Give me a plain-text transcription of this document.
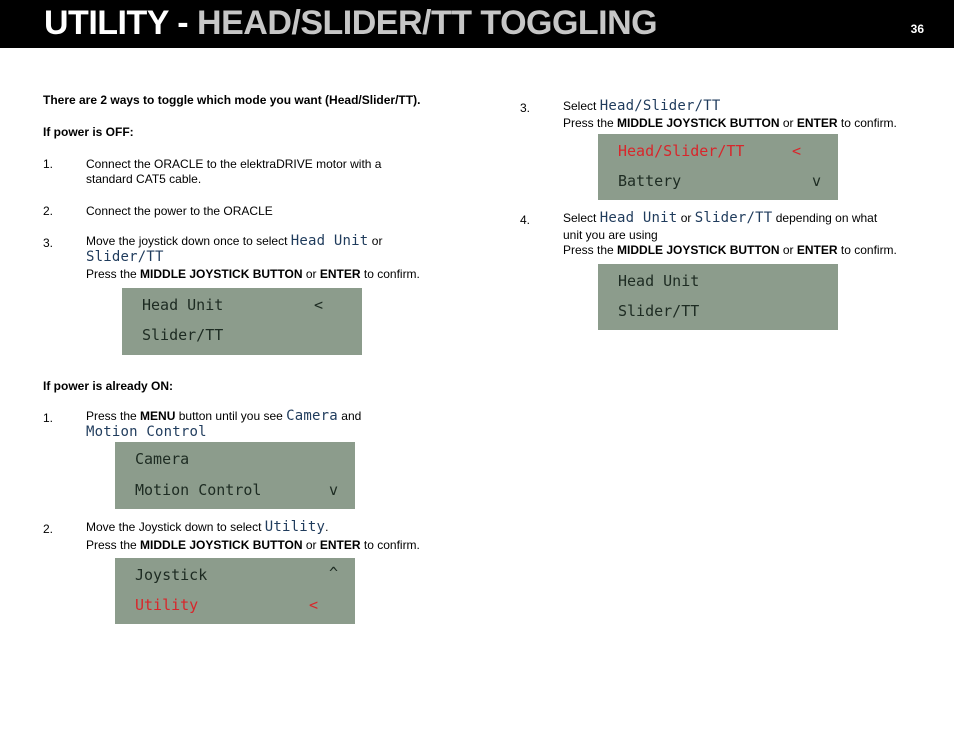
UTILITY - HEAD/SLIDER/TT TOGGLING	36
There are 2 ways to toggle which mode you want (Head/Slider/TT).
If power is OFF:
1.	Connect the ORACLE to the elektraDRIVE motor with a
standard CAT5 cable.
2.	Connect the power to the ORACLE
3.	Move the joystick down once to select Head Unit or
Slider/TT
Press the MIDDLE JOYSTICK BUTTON or ENTER to confirm.
Head Unit	<
Slider/TT
If power is already ON:
1.	Press the MENU button until you see Camera and
Motion Control
Camera
Motion Control	v
2.	Move the Joystick down to select Utility.
Press the MIDDLE JOYSTICK BUTTON or ENTER to confirm.
Joystick	^
Utility	<
3.	Select Head/Slider/TT
Press the MIDDLE JOYSTICK BUTTON or ENTER to confirm.
Head/Slider/TT	<
Battery	v
4.	Select Head Unit or Slider/TT depending on what
unit you are using
Press the MIDDLE JOYSTICK BUTTON or ENTER to confirm.
Head Unit
Slider/TT
